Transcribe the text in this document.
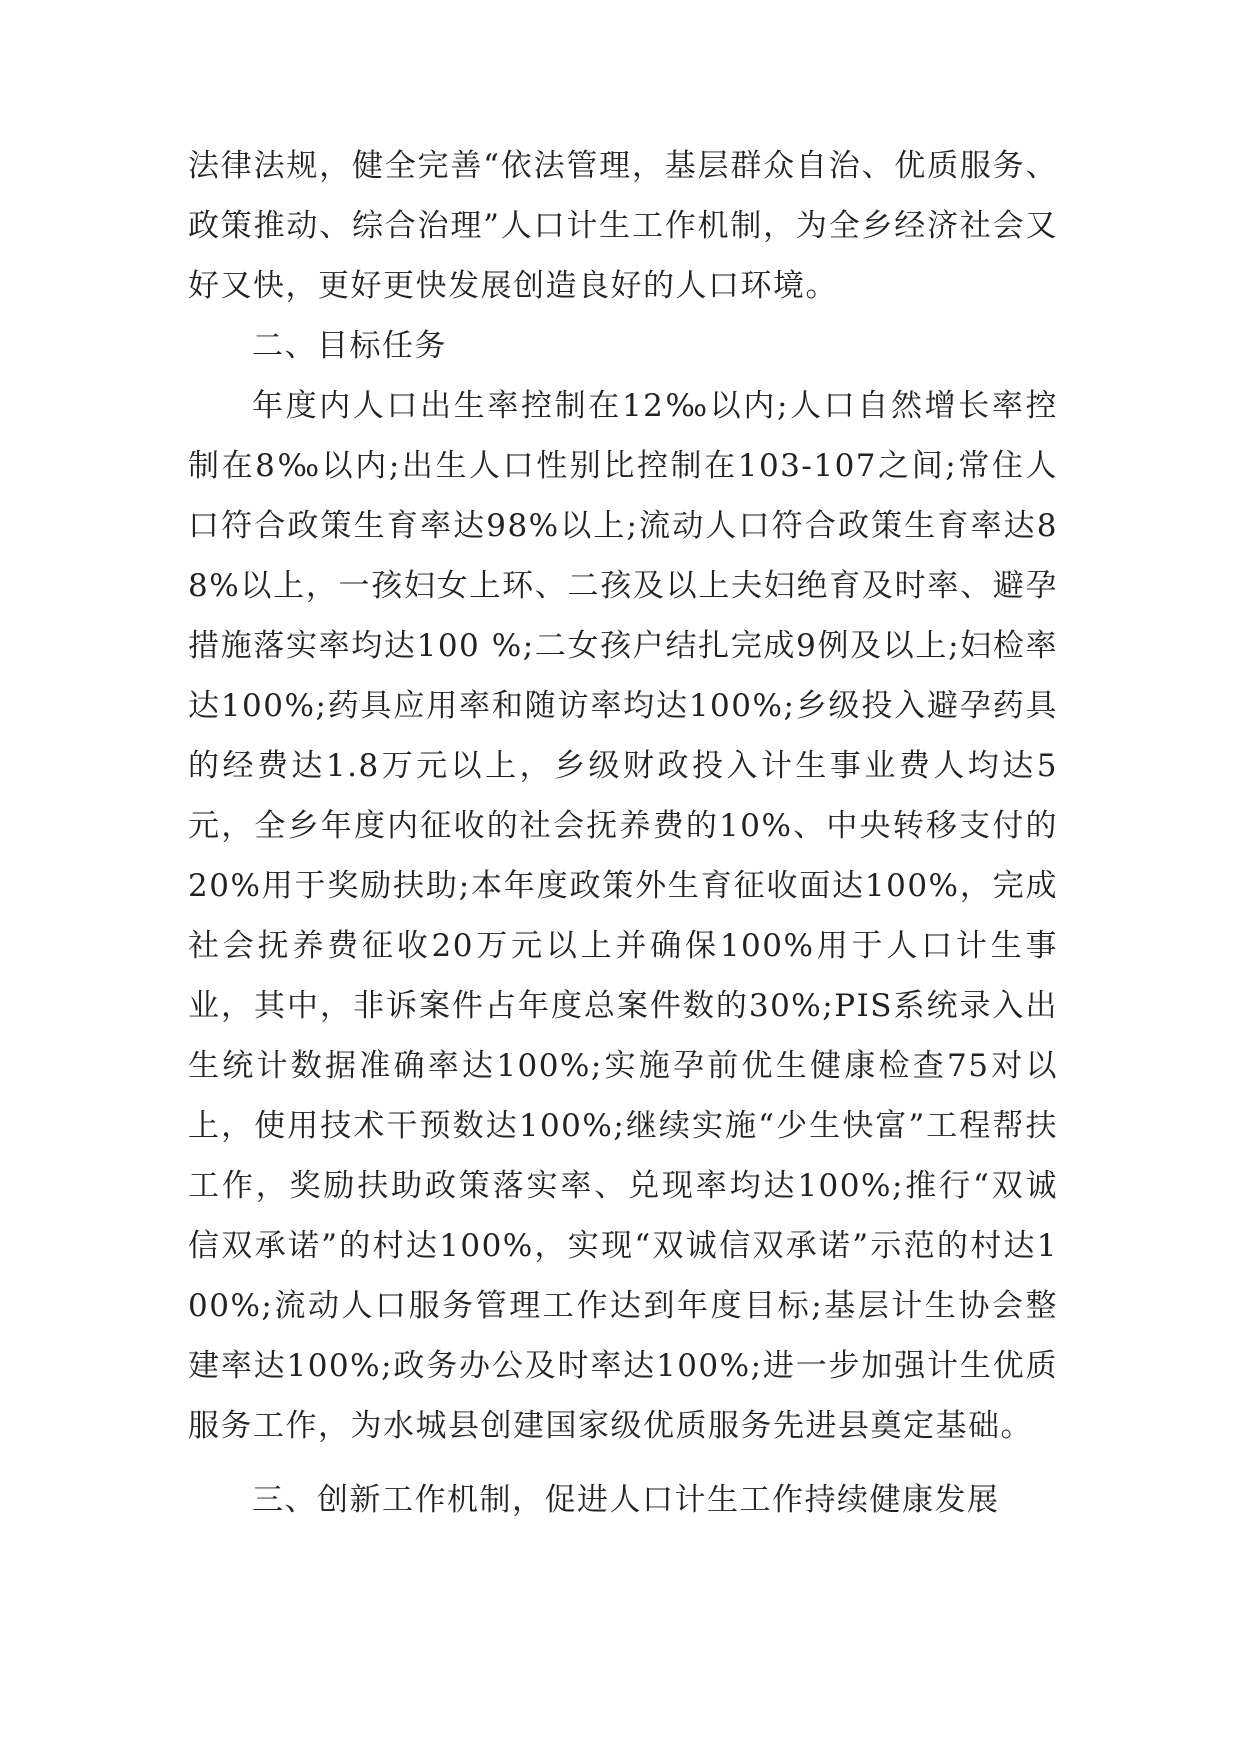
法律法规，健全完善“依法管理，基层群众自治、优质服务、政策推动、综合治理”人口计生工作机制，为全乡经济社会又好又快，更好更快发展创造良好的人口环境。

二、目标任务

年度内人口出生率控制在12‰以内;人口自然增长率控制在8‰以内;出生人口性别比控制在103-107之间;常住人口符合政策生育率达98%以上;流动人口符合政策生育率达88%以上，一孩妇女上环、二孩及以上夫妇绝育及时率、避孕措施落实率均达100 %;二女孩户结扎完成9例及以上;妇检率达100%;药具应用率和随访率均达100%;乡级投入避孕药具的经费达1.8万元以上，乡级财政投入计生事业费人均达5元，全乡年度内征收的社会抚养费的10%、中央转移支付的20%用于奖励扶助;本年度政策外生育征收面达100%，完成社会抚养费征收20万元以上并确保100%用于人口计生事业，其中，非诉案件占年度总案件数的30%;PIS系统录入出生统计数据准确率达100%;实施孕前优生健康检查75对以上，使用技术干预数达100%;继续实施“少生快富”工程帮扶工作，奖励扶助政策落实率、兑现率均达100%;推行“双诚信双承诺”的村达100%，实现“双诚信双承诺”示范的村达100%;流动人口服务管理工作达到年度目标;基层计生协会整建率达100%;政务办公及时率达100%;进一步加强计生优质服务工作，为水城县创建国家级优质服务先进县奠定基础。

三、创新工作机制，促进人口计生工作持续健康发展
